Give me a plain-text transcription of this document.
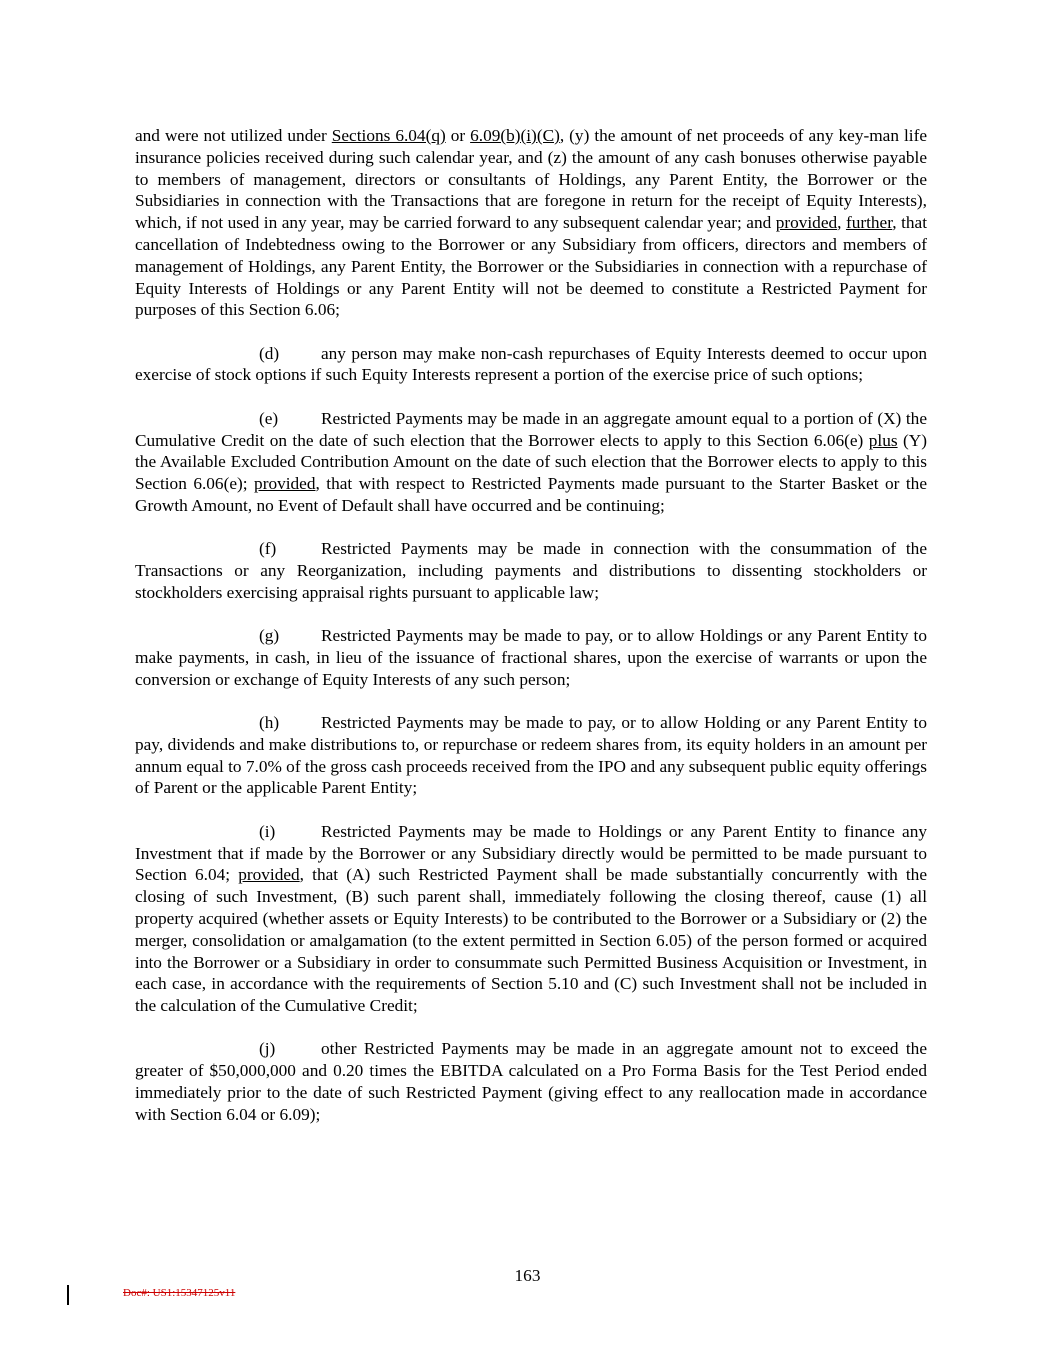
and were not utilized under Sections 6.04(q) or 6.09(b)(i)(C), (y) the amount of net proceeds of any key-man life insurance policies received during such calendar year, and (z) the amount of any cash bonuses otherwise payable to members of management, directors or consultants of Holdings, any Parent Entity, the Borrower or the Subsidiaries in connection with the Transactions that are foregone in return for the receipt of Equity Interests), which, if not used in any year, may be carried forward to any subsequent calendar year; and provided, further, that cancellation of Indebtedness owing to the Borrower or any Subsidiary from officers, directors and members of management of Holdings, any Parent Entity, the Borrower or the Subsidiaries in connection with a repurchase of Equity Interests of Holdings or any Parent Entity will not be deemed to constitute a Restricted Payment for purposes of this Section 6.06;

(d) any person may make non-cash repurchases of Equity Interests deemed to occur upon exercise of stock options if such Equity Interests represent a portion of the exercise price of such options;

(e) Restricted Payments may be made in an aggregate amount equal to a portion of (X) the Cumulative Credit on the date of such election that the Borrower elects to apply to this Section 6.06(e) plus (Y) the Available Excluded Contribution Amount on the date of such election that the Borrower elects to apply to this Section 6.06(e); provided, that with respect to Restricted Payments made pursuant to the Starter Basket or the Growth Amount, no Event of Default shall have occurred and be continuing;

(f)	Restricted Payments may be made in connection with the consummation of the Transactions or any Reorganization, including payments and distributions to dissenting stockholders or stockholders exercising appraisal rights pursuant to applicable law;

(g) Restricted Payments may be made to pay, or to allow Holdings or any Parent Entity to make payments, in cash, in lieu of the issuance of fractional shares, upon the exercise of warrants or upon the conversion or exchange of Equity Interests of any such person;

(h) Restricted Payments may be made to pay, or to allow Holding or any Parent Entity to pay, dividends and make distributions to, or repurchase or redeem shares from, its equity holders in an amount per annum equal to 7.0% of the gross cash proceeds received from the IPO and any subsequent public equity offerings of Parent or the applicable Parent Entity;

(i)	Restricted Payments may be made to Holdings or any Parent Entity to finance any Investment that if made by the Borrower or any Subsidiary directly would be permitted to be made pursuant to Section 6.04; provided, that (A) such Restricted Payment shall be made substantially concurrently with the closing of such Investment, (B) such parent shall, immediately following the closing thereof, cause (1) all property acquired (whether assets or Equity Interests) to be contributed to the Borrower or a Subsidiary or (2) the merger, consolidation or amalgamation (to the extent permitted in Section 6.05) of the person formed or acquired into the Borrower or a Subsidiary in order to consummate such Permitted Business Acquisition or Investment, in each case, in accordance with the requirements of Section 5.10 and (C) such Investment shall not be included in the calculation of the Cumulative Credit;

(j)	other Restricted Payments may be made in an aggregate amount not to exceed the greater of $50,000,000 and 0.20 times the EBITDA calculated on a Pro Forma Basis for the Test Period ended immediately prior to the date of such Restricted Payment (giving effect to any reallocation made in accordance with Section 6.04 or 6.09);

163
Doc#: US1:15347125v11
